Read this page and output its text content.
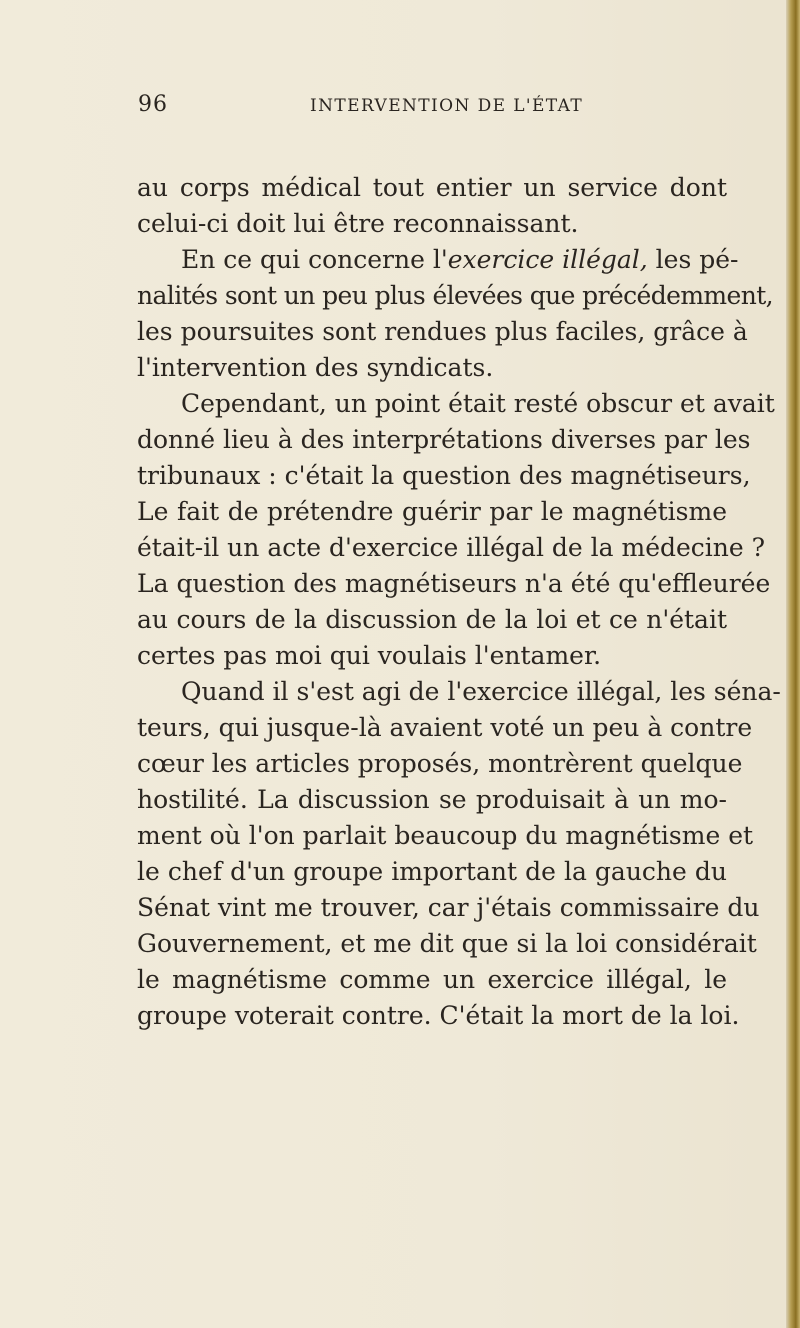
96	INTERVENTION DE L'ÉTAT
au corps médical tout entier un service dont
celui-ci doit lui être reconnaissant.
En ce qui concerne l'exercice illégal, les pé-
nalités sont un peu plus élevées que précédemment,
les poursuites sont rendues plus faciles, grâce à
l'intervention des syndicats.
Cependant, un point était resté obscur et avait
donné lieu à des interprétations diverses par les
tribunaux : c'était la question des magnétiseurs,
Le fait de prétendre guérir par le magnétisme
était-il un acte d'exercice illégal de la médecine ?
La question des magnétiseurs n'a été qu'effleurée
au cours de la discussion de la loi et ce n'était
certes pas moi qui voulais l'entamer.
Quand il s'est agi de l'exercice illégal, les séna-
teurs, qui jusque-là avaient voté un peu à contre
cœur les articles proposés, montrèrent quelque
hostilité. La discussion se produisait à un mo-
ment où l'on parlait beaucoup du magnétisme et
le chef d'un groupe important de la gauche du
Sénat vint me trouver, car j'étais commissaire du
Gouvernement, et me dit que si la loi considérait
le magnétisme comme un exercice illégal, le
groupe voterait contre. C'était la mort de la loi.
